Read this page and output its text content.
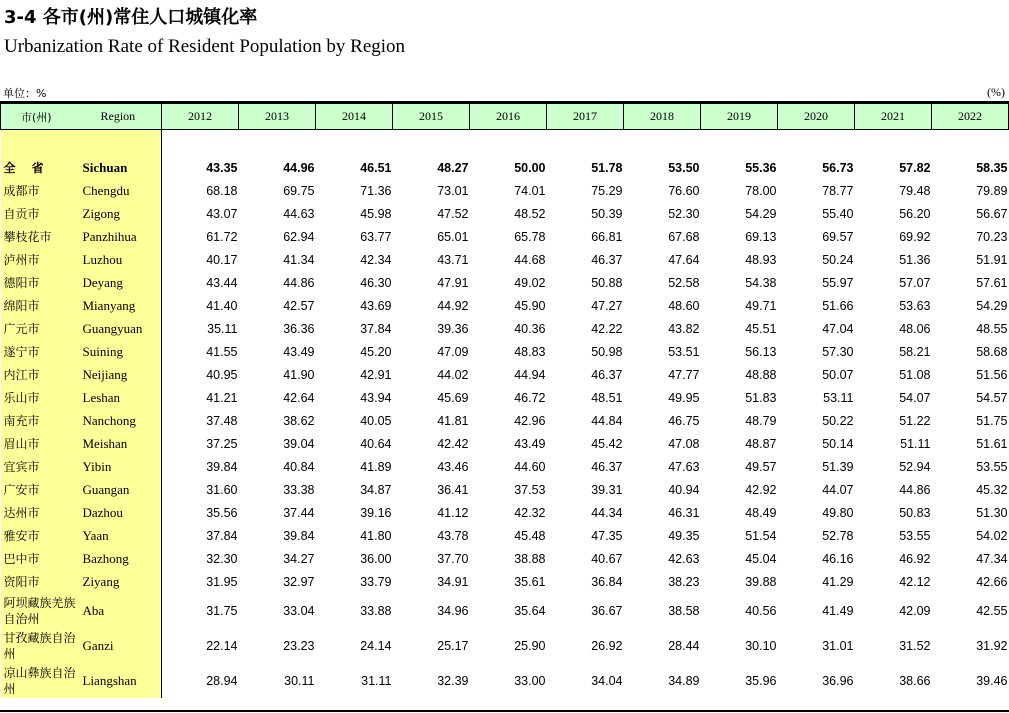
3-4 各市(州)常住人口城镇化率
Urbanization Rate of Resident Population by Region
单位：%	(%)
市(州)	Region	2012	2013	2014	2015	2016	2017	2018	2019	2020	2021	2022

全 省	Sichuan	43.35	44.96	46.51	48.27	50.00	51.78	53.50	55.36	56.73	57.82	58.35
成都市	Chengdu	68.18	69.75	71.36	73.01	74.01	75.29	76.60	78.00	78.77	79.48	79.89
自贡市	Zigong	43.07	44.63	45.98	47.52	48.52	50.39	52.30	54.29	55.40	56.20	56.67
攀枝花市	Panzhihua	61.72	62.94	63.77	65.01	65.78	66.81	67.68	69.13	69.57	69.92	70.23
泸州市	Luzhou	40.17	41.34	42.34	43.71	44.68	46.37	47.64	48.93	50.24	51.36	51.91
德阳市	Deyang	43.44	44.86	46.30	47.91	49.02	50.88	52.58	54.38	55.97	57.07	57.61
绵阳市	Mianyang	41.40	42.57	43.69	44.92	45.90	47.27	48.60	49.71	51.66	53.63	54.29
广元市	Guangyuan	35.11	36.36	37.84	39.36	40.36	42.22	43.82	45.51	47.04	48.06	48.55
遂宁市	Suining	41.55	43.49	45.20	47.09	48.83	50.98	53.51	56.13	57.30	58.21	58.68
内江市	Neijiang	40.95	41.90	42.91	44.02	44.94	46.37	47.77	48.88	50.07	51.08	51.56
乐山市	Leshan	41.21	42.64	43.94	45.69	46.72	48.51	49.95	51.83	53.11	54.07	54.57
南充市	Nanchong	37.48	38.62	40.05	41.81	42.96	44.84	46.75	48.79	50.22	51.22	51.75
眉山市	Meishan	37.25	39.04	40.64	42.42	43.49	45.42	47.08	48.87	50.14	51.11	51.61
宜宾市	Yibin	39.84	40.84	41.89	43.46	44.60	46.37	47.63	49.57	51.39	52.94	53.55
广安市	Guangan	31.60	33.38	34.87	36.41	37.53	39.31	40.94	42.92	44.07	44.86	45.32
达州市	Dazhou	35.56	37.44	39.16	41.12	42.32	44.34	46.31	48.49	49.80	50.83	51.30
雅安市	Yaan	37.84	39.84	41.80	43.78	45.48	47.35	49.35	51.54	52.78	53.55	54.02
巴中市	Bazhong	32.30	34.27	36.00	37.70	38.88	40.67	42.63	45.04	46.16	46.92	47.34
资阳市	Ziyang	31.95	32.97	33.79	34.91	35.61	36.84	38.23	39.88	41.29	42.12	42.66
阿坝藏族羌族自治州	Aba	31.75	33.04	33.88	34.96	35.64	36.67	38.58	40.56	41.49	42.09	42.55
甘孜藏族自治州	Ganzi	22.14	23.23	24.14	25.17	25.90	26.92	28.44	30.10	31.01	31.52	31.92
凉山彝族自治州	Liangshan	28.94	30.11	31.11	32.39	33.00	34.04	34.89	35.96	36.96	38.66	39.46
